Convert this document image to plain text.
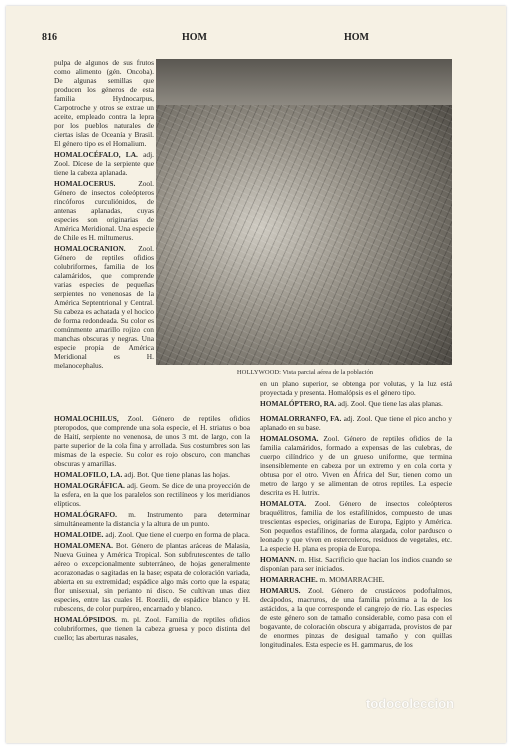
816	HOM	HOM

pulpa de algunos de sus frutos como alimento (gén. Oncoba). De algunas semillas que producen los géneros de esta familia Hydnocarpus, Carpotroche y otros se extrae un aceite, empleado contra la lepra por los pueblos naturales de ciertas islas de Oceanía y Brasil. El género tipo es el Homalium.

HOMALOCÉFALO, LA. adj. Zool. Dícese de la serpiente que tiene la cabeza aplanada.

HOMALOCERUS.	Zool. Género de insectos coleópteros rincóforos curculiónidos, de antenas aplanadas, cuyas especies son originarias de América Meridional. Una especie de Chile es H. miltumerus.

HOMALOCRANION. Zool. Género de reptiles ofidios colubriformes, familia de los calamáridos, que comprende varias especies de pequeñas serpientes no venenosas de la América Septentrional y Central. Su cabeza es achatada y el hocico de forma redondeada. Su color es comúnmente amarillo rojizo con manchas obscuras y negras. Una especie propia de América Meridional es H. melanocephalus.

HOLLYWOOD: Vista parcial aérea de la población

en un plano superior, se obtenga por volutas, y la luz está proyectada y presenta. Homalópsis es el género tipo.

HOMALÓPTERO, RA. adj. Zool. Que tiene las alas planas.

HOMALOCHILUS, Zool. Género de reptiles ofidios pteropodos, que comprende una sola especie, el H. striatus o boa de Haití, serpiente no venenosa, de unos 3 mt. de largo, con la parte superior de la cola fina y arrollada. Sus costumbres son las mismas de la especie. Su color es rojo obscuro, con manchas obscuras y amarillas.

HOMALOFILO, LA. adj. Bot. Que tiene planas las hojas.

HOMALOGRÁFICA. adj. Geom. Se dice de una proyección de la esfera, en la que los paralelos son rectilíneos y los meridianos elípticos.

HOMALÓGRAFO. m. Instrumento para determinar simultáneamente la distancia y la altura de un punto.

HOMALOIDE. adj. Zool. Que tiene el cuerpo en forma de placa.

HOMALOMENA. Bot. Género de plantas aráceas de Malasia, Nueva Guinea y América Tropical. Son subfrutescentes de tallo aéreo o excepcionalmente subterráneo, de hojas generalmente acorazonadas o sagitadas en la base; espata de coloración variada, abierta en su extremidad; espádice algo más corto que la espata; flor unisexual, sin perianto ni disco. Se cultivan unas diez especies, entre las cuales H. Roezlii, de espádice blanco y H. rubescens, de color purpúreo, encarnado y blanco.

HOMALÓPSIDOS. m. pl. Zool. Familia de reptiles ofidios colubriformes, que tienen la cabeza gruesa y poco distinta del cuello; las aberturas nasales,

HOMALORRANFO, FA. adj. Zool. Que tiene el pico ancho y aplanado en su base.

HOMALOSOMA. Zool. Género de reptiles ofidios de la familia calamáridos, formado a expensas de las culebras, de cuerpo cilíndrico y de un grueso uniforme, que termina insensiblemente en cabeza por un extremo y en cola corta y obtusa por el otro. Viven en África del Sur, tienen como un metro de largo y se alimentan de otros reptiles. La especie descrita es H. lutrix.

HOMALOTA. Zool. Género de insectos coleópteros braquélitros, familia de los estafilínidos, compuesto de unas trescientas especies, originarias de Europa, Egipto y América. Son pequeños estafilinos, de forma alargada, color pardusco o leonado y que viven en estercoleros, residuos de vegetales, etc. La especie H. plana es propia de Europa.

HOMANN. m. Hist. Sacrificio que hacían los indios cuando se disponían para ser iniciados.

HOMARRACHE. m. MOMARRACHE.

HOMARUS. Zool. Género de crustáceos podoftalmos, decápodos, macruros, de una familia próxima a la de los astácidos, a la que corresponde el cangrejo de río. Las especies de este género son de tamaño considerable, como pasa con el bogavante, de coloración obscura y abigarrada, provistos de par de enormes pinzas de desigual tamaño y con quillas longitudinales. Esta especie es H. gammarus, de los

todocoleccion
